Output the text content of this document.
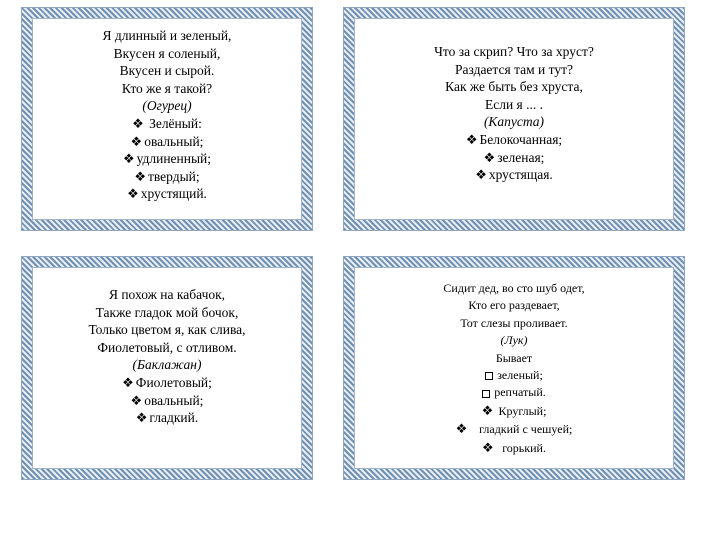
Я длинный и зеленый,
Вкусен я соленый,
Вкусен и сырой.
Кто же я такой?
(Огурец)
❖ Зелёный:
❖ овальный;
❖ удлиненный;
❖ твердый;
❖ хрустящий.
Что за скрип? Что за хруст?
Раздается там и тут?
Как же быть без хруста,
Если я ... .
(Капуста)
❖ Белокочанная;
❖ зеленая;
❖ хрустящая.
Я похож на кабачок,
Также гладок мой бочок,
Только цветом я, как слива,
Фиолетовый, с отливом.
(Баклажан)
❖ Фиолетовый;
❖ овальный;
❖ гладкий.
Сидит дед, во сто шуб одет,
Кто его раздевает,
Тот слезы проливает.
(Лук)
Бывает
зеленый;
репчатый.
❖ Круглый;
❖   гладкий с чешуей;
❖  горький.
